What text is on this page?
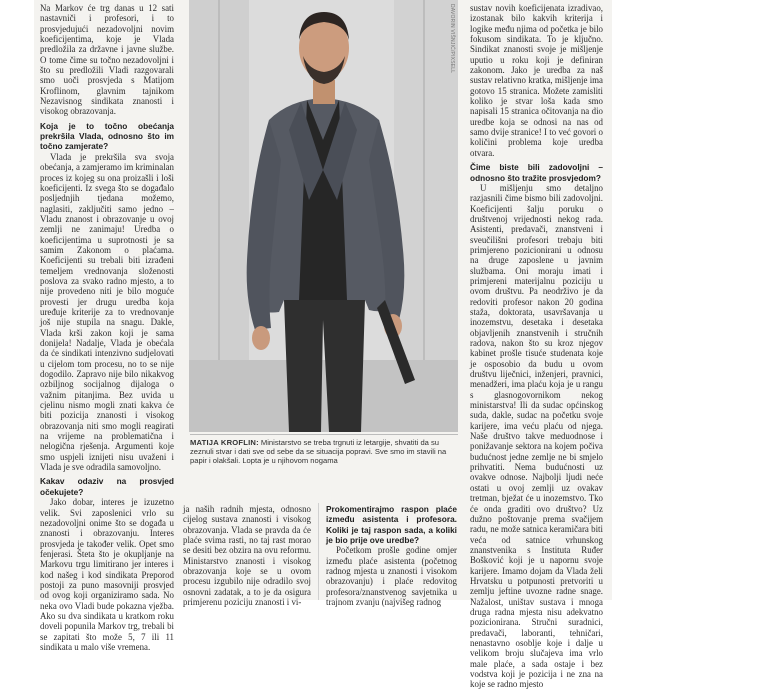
Na Markov će trg danas u 12 sati nastavniči i profesori, i to prosvjedujući nezadovoljni novim koeficijentima, koje je Vlada predložila za državne i javne službe. O tome čime su točno nezadovoljni i što su predložili Vladi razgovarali smo uoči prosvjeda s Matijom Kroflinom, glavnim tajnikom Nezavisnog sindikata znanosti i visokog obrazovanja.

Koja je to točno obećanja prekršila Vlada, odnosno što im točno zamjerate?

Vlada je prekršila sva svoja obećanja, a zamjeramo im kriminalan proces iz kojeg su ona proizašli i loši koeficijenti. Iz svega što se događalo posljednjih tjedana možemo, naglasiti, zaključiti samo jedno – Vladu znanost i obrazovanje u ovoj zemlji ne zanimaju! Uredba o koeficijentima u suprotnosti je sa samim Zakonom o plaćama. Koeficijenti su trebali biti izrađeni temeljem vrednovanja složenosti poslova za svako radno mjesto, a to nije provedeno niti je bilo moguće provesti jer drugu uredba koja uređuje kriterije za to vrednovanje još nije stupila na snagu. Dakle, Vlada krši zakon koji je sama donijela! Nadalje, Vlada je obećala da će sindikati intenzivno sudjelovati u cijelom tom procesu, no to se nije dogodilo. Zapravo nije bilo nikakvog ozbiljnog socijalnog dijaloga o važnim pitanjima. Bez uvida u cjelinu nismo mogli znati kakva će biti pozicija znanosti i visokog obrazovanja niti smo mogli reagirati na vrijeme na problematična i nelogična rješenja. Argumenti koje smo uspjeli iznijeti nisu uvaženi i Vlada je sve odradila samovoljno.

Kakav odaziv na prosvjed očekujete?

Jako dobar, interes je izuzetno velik. Svi zaposlenici vrlo su nezadovoljni onime što se događa u znanosti i obrazovanju. Interes prosvjeda je također velik. Opet smo fenjerasi. Šteta što je okupljanje na Markovu trgu limitirano jer interes i kod našeg i kod sindikata Preporod postoji za puno masovniji prosvjed od ovog koji organiziramo sada. No neka ovo Vladi bude pokazna vježba. Ako su dva sindikata u kratkom roku doveli popunila Markov trg, trebali bi se zapitati što može 5, 7 ili 11 sindikata u malo više vremena.

DAVORIN VIŠNJIĆ/PIXSELL
MATIJA KROFLIN: Ministarstvo se treba trgnuti iz letargije, shvatiti da su zeznuli stvar i dati sve od sebe da se situacija popravi. Sve smo im stavili na papir i olakšali. Lopta je u njihovom nogama

ja naših radnih mjesta, odnosno cijelog sustava znanosti i visokog obrazovanja. Vlada se pravda da će plaće svima rasti, no taj rast moraо se desiti bez obzira na ovu reformu. Ministarstvo znanosti i visokog obrazovanja koje se u ovom procesu izgubilo nije odradilo svoj osnovni zadatak, a to je da osigura primjerenu poziciju znanosti i vi-

Prokomentirajmo raspon plaće između asistenta i profesora. Koliki je taj raspon sada, a koliki je bio prije ove uredbe?

Početkom prošle godine omjer između plaće asistenta (početnog radnog mjesta u znanosti i visokom obrazovanju) i plaće redovitog profesora/znanstvenog savjetnika u trajnom zvanju (najvišeg radnog

sustav novih koeficijenata izradivao, izostanak bilo kakvih kriterija i logike među njima od početka je bilo fokusom sindikata. To je ključno. Sindikat znanosti svoje je mišljenje uputio u roku koji je definiran zakonom. Jako je uredba za naš sustav relativno kratka, mišljenje ima gotovo 15 stranica. Možete zamisliti koliko je stvar loša kada smo napisali 15 stranica očitovanja na dio uredbe koja se odnosi na nas od samo dvije stranice! I to već govori o količini problema koje uredba otvara.

Čime biste bili zadovoljni – odnosno što tražite prosvjedom?

U mišljenju smo detaljno razjasnili čime bismo bili zadovoljni. Koeficijenti šalju poruku o društvenoj vrijednosti nekog rada. Asistenti, predavači, znanstveni i sveučilišni profesori trebaju biti primjereno pozicionirani u odnosu na druge zaposlene u javnim službama. Oni moraju imati i primjereni materijalnu poziciju u ovom društvu. Pa neodrživo je da redoviti profesor nakon 20 godina staža, doktorata, usavršavanja u inozemstvu, desetaka i desetaka objavljenih znanstvenih i stručnih radova, nakon što su kroz njegov kabinet prošle tisuće studenata koje je osposobio da budu u ovom društvu liječnici, inženjeri, pravnici, menadžeri, ima plaću koja je u rangu s glasnogovornikom nekog ministarstva! Ili da sudac općinskog suda, dakle, sudac na početku svoje karijere, ima veću plaću od njega. Naše društvo takve meduodnose i ponižavanje sektora na kojem počiva budućnost jedne zemlje ne bi smjelo prihvatiti. Nema budućnosti uz ovakve odnose. Najbolji ljudi neće ostati u ovoj zemlji uz ovakav tretman, bježat će u inozemstvo. Tko će onda graditi ovo društvo? Uz dužno poštovanje prema svačijem radu, ne može satnica keramičara biti veća od satnice vrhunskog znanstvenika s Instituta Ruđer Bošković koji je u napornu svoje karijere. Imamo dojam da Vlada želi Hrvatsku u potpunosti pretvoriti u zemlju jeftine uvozne radne snage. Nažalost, uništav sustava i mnoga druga radna mjesta nisu adekvatno pozicionirana. Stručni suradnici, predavači, laboranti, tehničari, nenastavno osoblje koje i dalje u velikom broju slučajeva ima vrlo male plaće, a sada ostaje i bez vodstva koji je pozicija i ne zna na koje se radno mjesto
